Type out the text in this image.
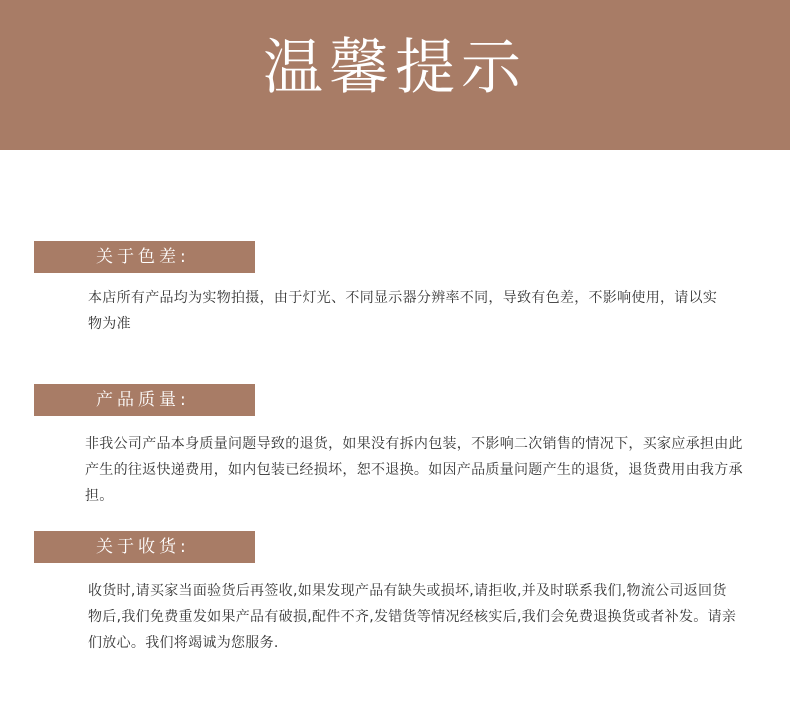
温馨提示
关于色差:
本店所有产品均为实物拍摄，由于灯光、不同显示器分辨率不同，导致有色差，不影响使用，请以实物为准
产品质量:
非我公司产品本身质量问题导致的退货，如果没有拆内包装，不影响二次销售的情况下，买家应承担由此产生的往返快递费用，如内包装已经损坏，恕不退换。如因产品质量问题产生的退货，退货费用由我方承担。
关于收货:
收货时,请买家当面验货后再签收,如果发现产品有缺失或损坏,请拒收,并及时联系我们,物流公司返回货物后,我们免费重发如果产品有破损,配件不齐,发错货等情况经核实后,我们会免费退换货或者补发。请亲们放心。我们将竭诚为您服务.
